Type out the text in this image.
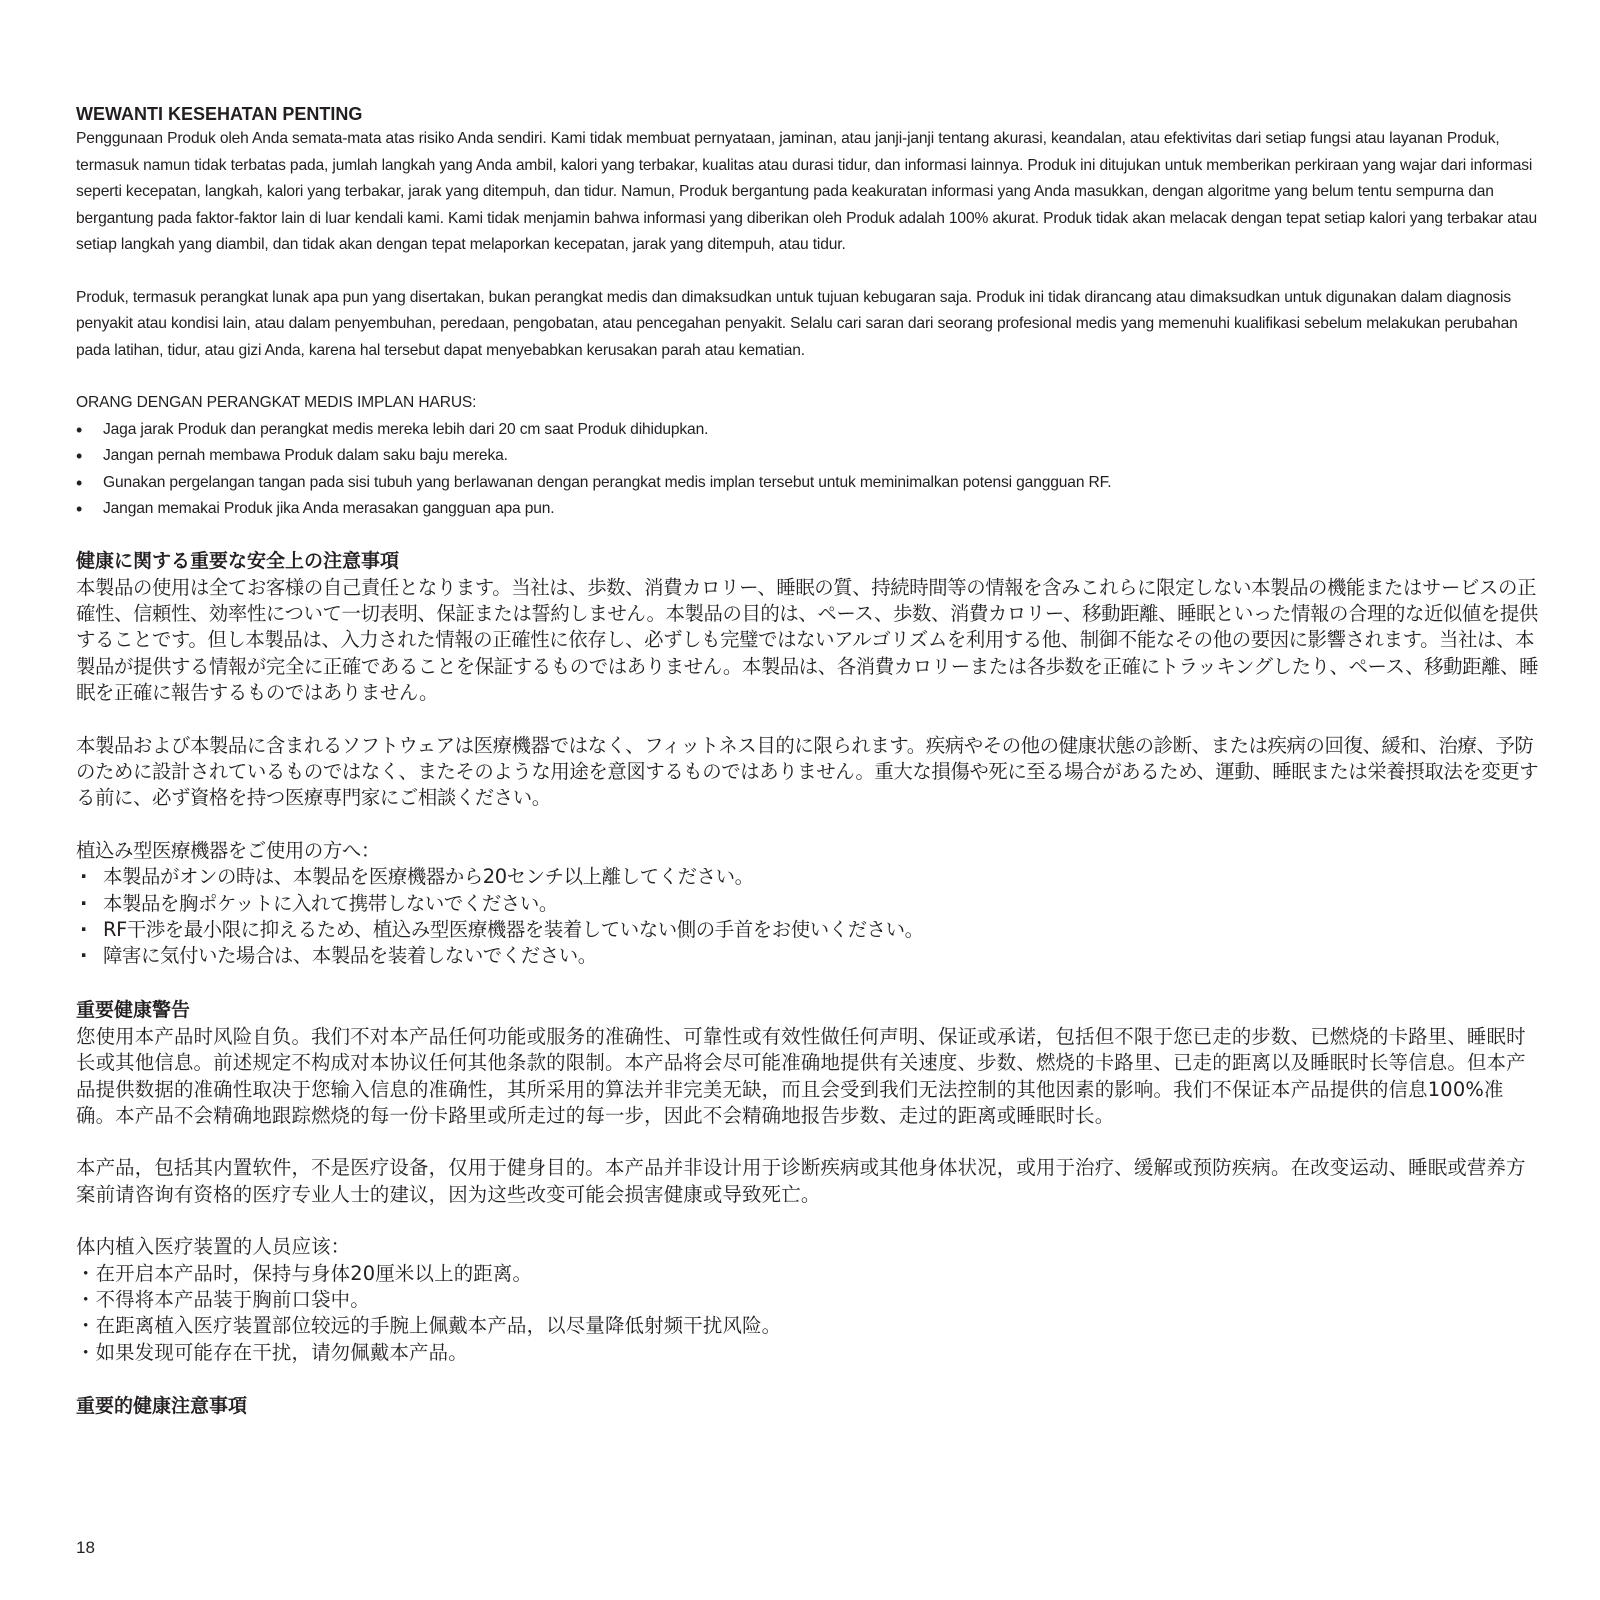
WEWANTI KESEHATAN PENTING

Penggunaan Produk oleh Anda semata-mata atas risiko Anda sendiri. Kami tidak membuat pernyataan, jaminan, atau janji-janji tentang akurasi, keandalan, atau efektivitas dari setiap fungsi atau layanan Produk, termasuk namun tidak terbatas pada, jumlah langkah yang Anda ambil, kalori yang terbakar, kualitas atau durasi tidur, dan informasi lainnya. Produk ini ditujukan untuk memberikan perkiraan yang wajar dari informasi seperti kecepatan, langkah, kalori yang terbakar, jarak yang ditempuh, dan tidur. Namun, Produk bergantung pada keakuratan informasi yang Anda masukkan, dengan algoritme yang belum tentu sempurna dan bergantung pada faktor-faktor lain di luar kendali kami. Kami tidak menjamin bahwa informasi yang diberikan oleh Produk adalah 100% akurat. Produk tidak akan melacak dengan tepat setiap kalori yang terbakar atau setiap langkah yang diambil, dan tidak akan dengan tepat melaporkan kecepatan, jarak yang ditempuh, atau tidur.

Produk, termasuk perangkat lunak apa pun yang disertakan, bukan perangkat medis dan dimaksudkan untuk tujuan kebugaran saja. Produk ini tidak dirancang atau dimaksudkan untuk digunakan dalam diagnosis penyakit atau kondisi lain, atau dalam penyembuhan, peredaan, pengobatan, atau pencegahan penyakit. Selalu cari saran dari seorang profesional medis yang memenuhi kualifikasi sebelum melakukan perubahan pada latihan, tidur, atau gizi Anda, karena hal tersebut dapat menyebabkan kerusakan parah atau kematian.

ORANG DENGAN PERANGKAT MEDIS IMPLAN HARUS:

• Jaga jarak Produk dan perangkat medis mereka lebih dari 20 cm saat Produk dihidupkan.
• Jangan pernah membawa Produk dalam saku baju mereka.
• Gunakan pergelangan tangan pada sisi tubuh yang berlawanan dengan perangkat medis implan tersebut untuk meminimalkan potensi gangguan RF.
• Jangan memakai Produk jika Anda merasakan gangguan apa pun.
健康に関する重要な安全上の注意事項

本製品の使用は全てお客様の自己責任となります。当社は、歩数、消費カロリー、睡眠の質、持続時間等の情報を含みこれらに限定しない本製品の機能またはサービスの正確性、信頼性、効率性について一切表明、保証または誓約しません。本製品の目的は、ペース、歩数、消費カロリー、移動距離、睡眠といった情報の合理的な近似値を提供することです。但し本製品は、入力された情報の正確性に依存し、必ずしも完璧ではないアルゴリズムを利用する他、制御不能なその他の要因に影響されます。当社は、本製品が提供する情報が完全に正確であることを保証するものではありません。本製品は、各消費カロリーまたは各歩数を正確にトラッキングしたり、ペース、移動距離、睡眠を正確に報告するものではありません。

本製品および本製品に含まれるソフトウェアは医療機器ではなく、フィットネス目的に限られます。疾病やその他の健康状態の診断、または疾病の回復、緩和、治療、予防のために設計されているものではなく、またそのような用途を意図するものではありません。重大な損傷や死に至る場合があるため、運動、睡眠または栄養摂取法を変更する前に、必ず資格を持つ医療専門家にご相談ください。

植込み型医療機器をご使用の方へ：

· 本製品がオンの時は、本製品を医療機器から20センチ以上離してください。
· 本製品を胸ポケットに入れて携帯しないでください。
· RF干渉を最小限に抑えるため、植込み型医療機器を装着していない側の手首をお使いください。
· 障害に気付いた場合は、本製品を装着しないでください。
重要健康警告

您使用本产品时风险自负。我们不对本产品任何功能或服务的准确性、可靠性或有效性做任何声明、保证或承诺，包括但不限于您已走的步数、已燃烧的卡路里、睡眠时长或其他信息。前述规定不构成对本协议任何其他条款的限制。本产品将会尽可能准确地提供有关速度、步数、燃烧的卡路里、已走的距离以及睡眠时长等信息。但本产品提供数据的准确性取决于您输入信息的准确性，其所采用的算法并非完美无缺，而且会受到我们无法控制的其他因素的影响。我们不保证本产品提供的信息100%准确。本产品不会精确地跟踪燃烧的每一份卡路里或所走过的每一步，因此不会精确地报告步数、走过的距离或睡眠时长。

本产品，包括其内置软件，不是医疗设备，仅用于健身目的。本产品并非设计用于诊断疾病或其他身体状况，或用于治疗、缓解或预防疾病。在改变运动、睡眠或营养方案前请咨询有资格的医疗专业人士的建议，因为这些改变可能会损害健康或导致死亡。

体内植入医疗装置的人员应该：

・在开启本产品时，保持与身体20厘米以上的距离。
・不得将本产品装于胸前口袋中。
・在距离植入医疗装置部位较远的手腕上佩戴本产品，以尽量降低射频干扰风险。
・如果发现可能存在干扰，请勿佩戴本产品。
重要的健康注意事項
18
